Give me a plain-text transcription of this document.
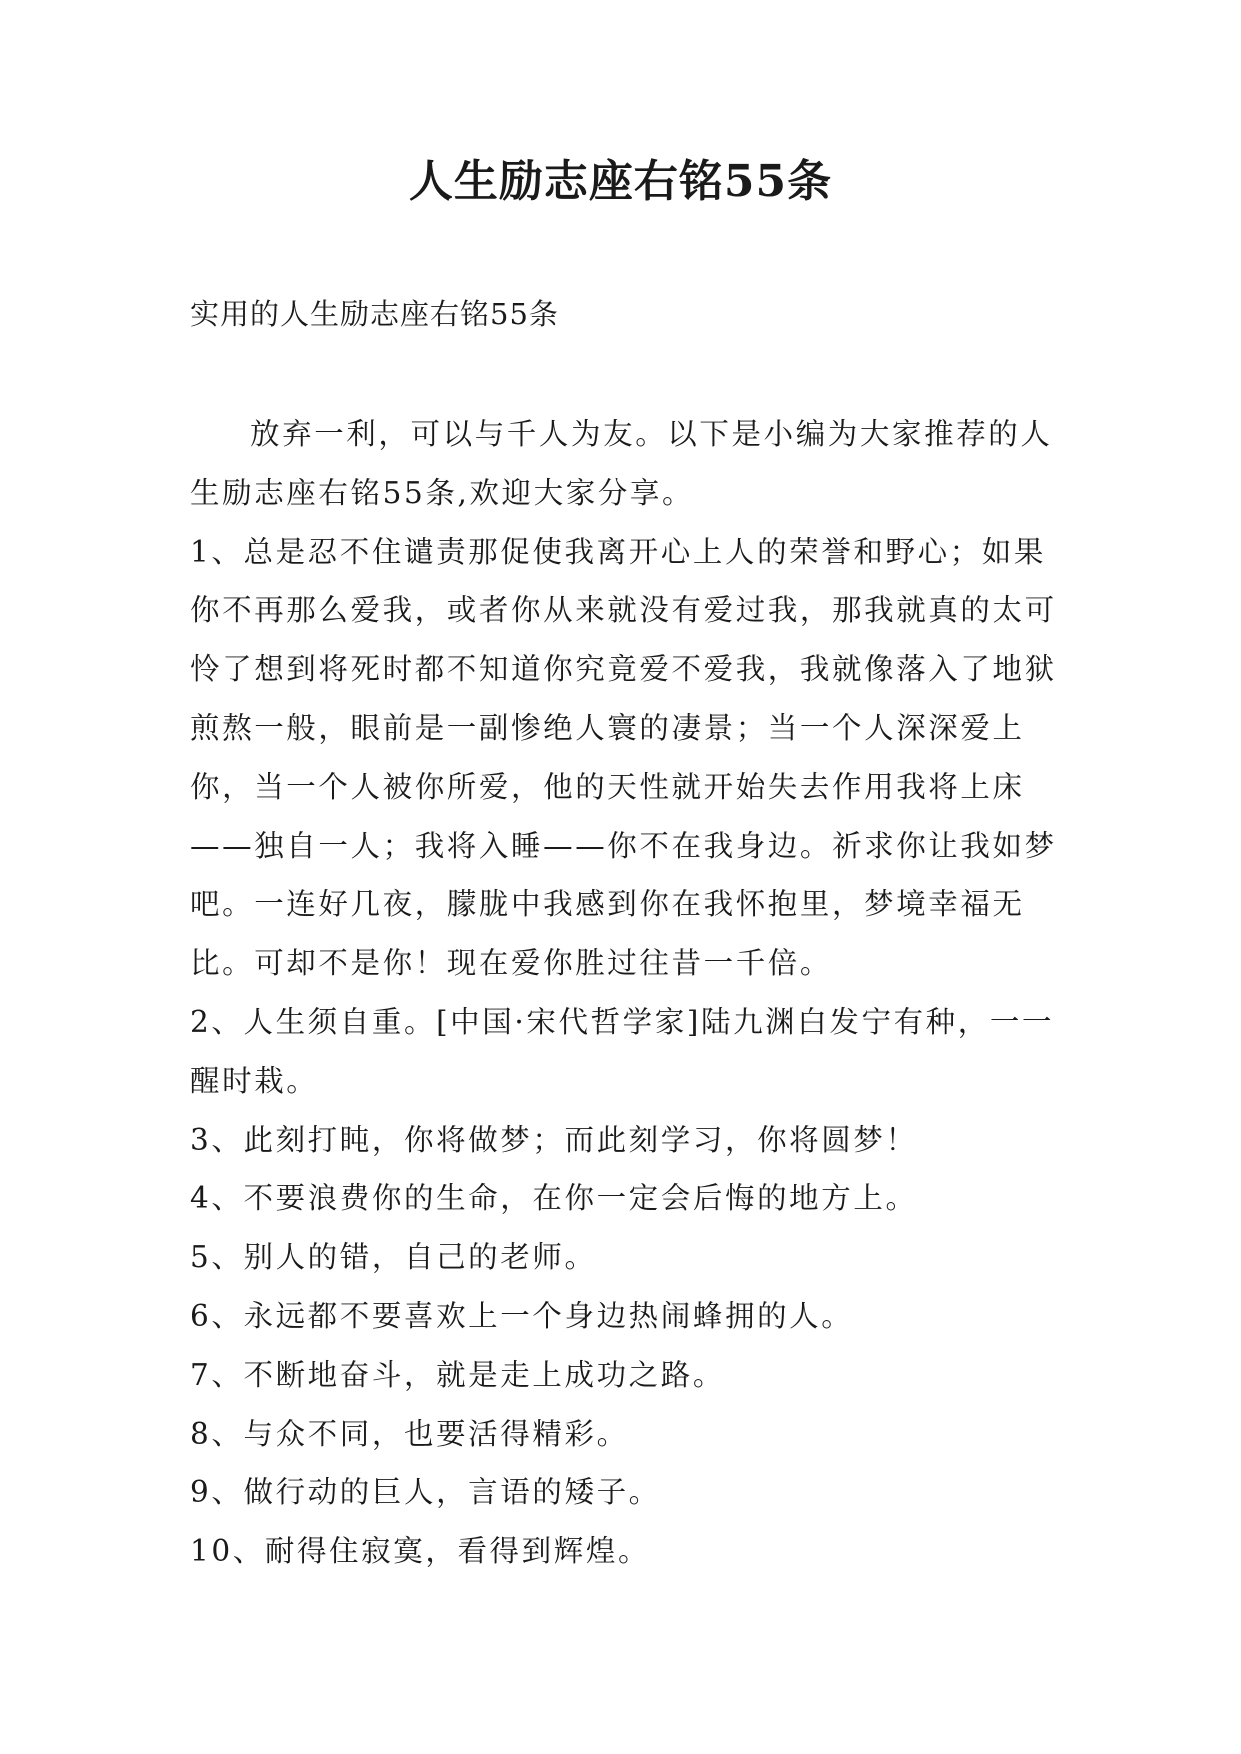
人生励志座右铭55条

实用的人生励志座右铭55条

放弃一利，可以与千人为友。以下是小编为大家推荐的人生励志座右铭55条,欢迎大家分享。

1、总是忍不住谴责那促使我离开心上人的荣誉和野心；如果你不再那么爱我，或者你从来就没有爱过我，那我就真的太可怜了想到将死时都不知道你究竟爱不爱我，我就像落入了地狱煎熬一般，眼前是一副惨绝人寰的凄景；当一个人深深爱上你，当一个人被你所爱，他的天性就开始失去作用我将上床——独自一人；我将入睡——你不在我身边。祈求你让我如梦吧。一连好几夜，朦胧中我感到你在我怀抱里，梦境幸福无比。可却不是你！现在爱你胜过往昔一千倍。

2、人生须自重。[中国·宋代哲学家]陆九渊白发宁有种，一一醒时栽。

3、此刻打盹，你将做梦；而此刻学习，你将圆梦！

4、不要浪费你的生命，在你一定会后悔的地方上。

5、别人的错，自己的老师。

6、永远都不要喜欢上一个身边热闹蜂拥的人。

7、不断地奋斗，就是走上成功之路。

8、与众不同，也要活得精彩。

9、做行动的巨人，言语的矮子。

10、耐得住寂寞，看得到辉煌。
